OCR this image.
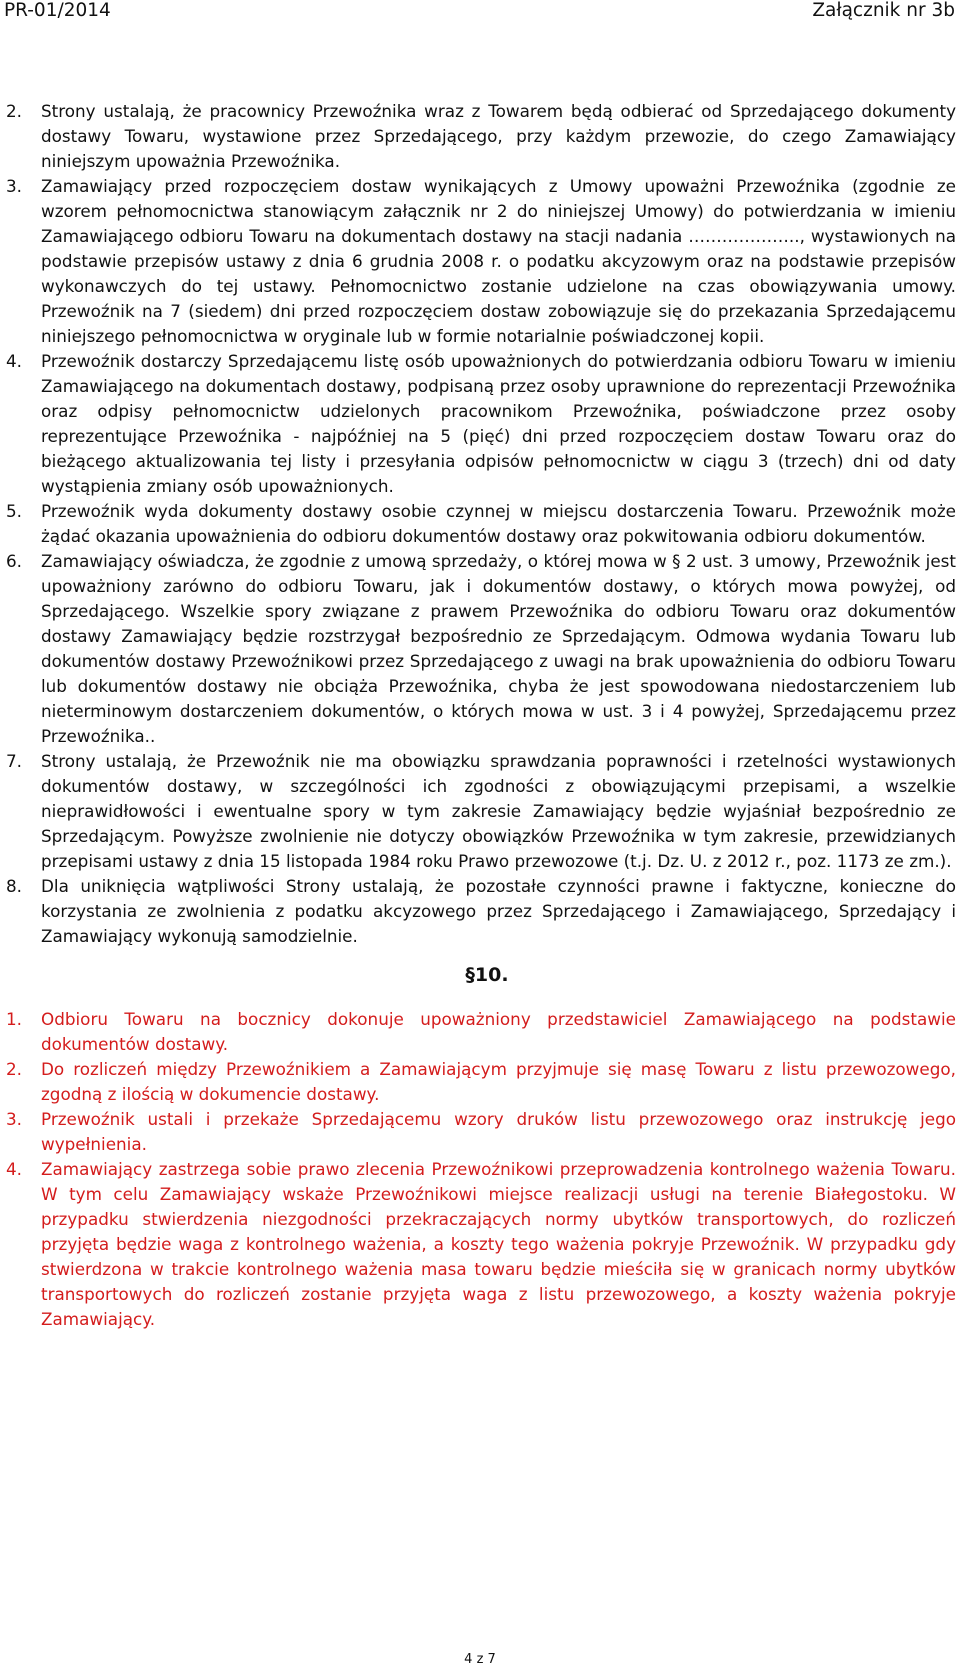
PR-01/2014	Załącznik nr 3b
2. Strony ustalają, że pracownicy Przewoźnika wraz z Towarem będą odbierać od Sprzedającego dokumenty dostawy Towaru, wystawione przez Sprzedającego, przy każdym przewozie, do czego Zamawiający niniejszym upoważnia Przewoźnika.
3. Zamawiający przed rozpoczęciem dostaw wynikających z Umowy upoważni Przewoźnika (zgodnie ze wzorem pełnomocnictwa stanowiącym załącznik nr 2 do niniejszej Umowy) do potwierdzania w imieniu Zamawiającego odbioru Towaru na dokumentach dostawy na stacji nadania ……………….., wystawionych na podstawie przepisów ustawy z dnia 6 grudnia 2008 r. o podatku akcyzowym oraz na podstawie przepisów wykonawczych do tej ustawy. Pełnomocnictwo zostanie udzielone na czas obowiązywania umowy. Przewoźnik na 7 (siedem) dni przed rozpoczęciem dostaw zobowiązuje się do przekazania Sprzedającemu niniejszego pełnomocnictwa w oryginale lub w formie notarialnie poświadczonej kopii.
4. Przewoźnik dostarczy Sprzedającemu listę osób upoważnionych do potwierdzania odbioru Towaru w imieniu Zamawiającego na dokumentach dostawy, podpisaną przez osoby uprawnione do reprezentacji Przewoźnika oraz odpisy pełnomocnictw udzielonych pracownikom Przewoźnika, poświadczone przez osoby reprezentujące Przewoźnika - najpóźniej na 5 (pięć) dni przed rozpoczęciem dostaw Towaru oraz do bieżącego aktualizowania tej listy i przesyłania odpisów pełnomocnictw w ciągu 3 (trzech) dni od daty wystąpienia zmiany osób upoważnionych.
5. Przewoźnik wyda dokumenty dostawy osobie czynnej w miejscu dostarczenia Towaru. Przewoźnik może żądać okazania upoważnienia do odbioru dokumentów dostawy oraz pokwitowania odbioru dokumentów.
6. Zamawiający oświadcza, że zgodnie z umową sprzedaży, o której mowa w § 2 ust. 3 umowy, Przewoźnik jest upoważniony zarówno do odbioru Towaru, jak i dokumentów dostawy, o których mowa powyżej, od Sprzedającego. Wszelkie spory związane z prawem Przewoźnika do odbioru Towaru oraz dokumentów dostawy Zamawiający będzie rozstrzygał bezpośrednio ze Sprzedającym. Odmowa wydania Towaru lub dokumentów dostawy Przewoźnikowi przez Sprzedającego z uwagi na brak upoważnienia do odbioru Towaru lub dokumentów dostawy nie obciąża Przewoźnika, chyba że jest spowodowana niedostarczeniem lub nieterminowym dostarczeniem dokumentów, o których mowa w ust. 3 i 4 powyżej, Sprzedającemu przez Przewoźnika..
7. Strony ustalają, że Przewoźnik nie ma obowiązku sprawdzania poprawności i rzetelności wystawionych dokumentów dostawy, w szczególności ich zgodności z obowiązującymi przepisami, a wszelkie nieprawidłowości i ewentualne spory w tym zakresie Zamawiający będzie wyjaśniał bezpośrednio ze Sprzedającym. Powyższe zwolnienie nie dotyczy obowiązków Przewoźnika w tym zakresie, przewidzianych przepisami ustawy z dnia 15 listopada 1984 roku Prawo przewozowe (t.j. Dz. U. z 2012 r., poz. 1173 ze zm.).
8. Dla uniknięcia wątpliwości Strony ustalają, że pozostałe czynności prawne i faktyczne, konieczne do korzystania ze zwolnienia z podatku akcyzowego przez Sprzedającego i Zamawiającego, Sprzedający i Zamawiający wykonują samodzielnie.
§10.
1. Odbioru Towaru na bocznicy dokonuje upoważniony przedstawiciel Zamawiającego na podstawie dokumentów dostawy.
2. Do rozliczeń między Przewoźnikiem a Zamawiającym przyjmuje się masę Towaru z listu przewozowego, zgodną z ilością w dokumencie dostawy.
3. Przewoźnik ustali i przekaże Sprzedającemu wzory druków listu przewozowego oraz instrukcję jego wypełnienia.
4. Zamawiający zastrzega sobie prawo zlecenia Przewoźnikowi przeprowadzenia kontrolnego ważenia Towaru. W tym celu Zamawiający wskaże Przewoźnikowi miejsce realizacji usługi na terenie Białegostoku. W przypadku stwierdzenia niezgodności przekraczających normy ubytków transportowych, do rozliczeń przyjęta będzie waga z kontrolnego ważenia, a koszty tego ważenia pokryje Przewoźnik. W przypadku gdy stwierdzona w trakcie kontrolnego ważenia masa towaru będzie mieściła się w granicach normy ubytków transportowych do rozliczeń zostanie przyjęta waga z listu przewozowego, a koszty ważenia pokryje Zamawiający.
4 z 7
